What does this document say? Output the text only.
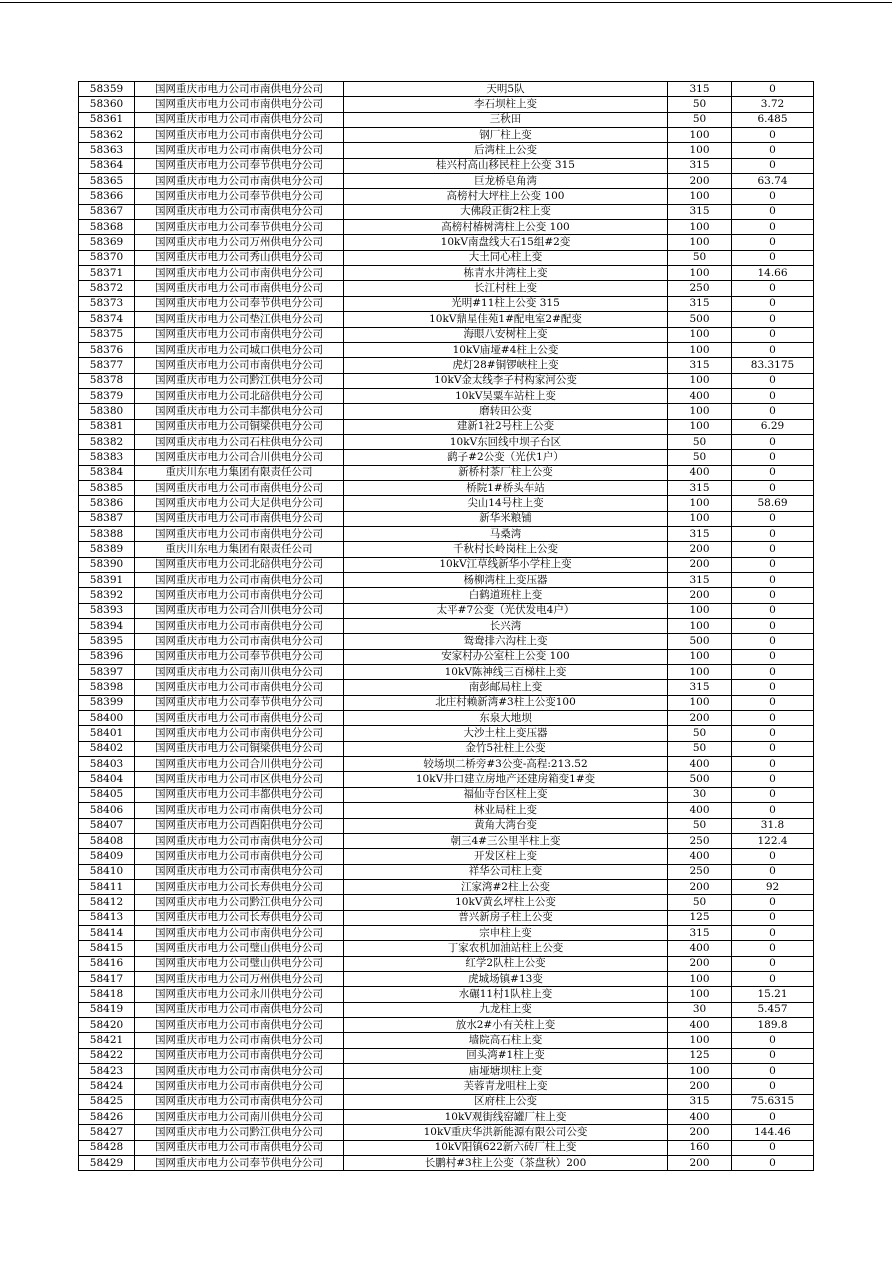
58359	国网重庆市电力公司市南供电分公司	天明5队	315	0
58360	国网重庆市电力公司市南供电分公司	李石坝柱上变	50	3.72
58361	国网重庆市电力公司市南供电分公司	三秋田	50	6.485
58362	国网重庆市电力公司市南供电分公司	钢厂柱上变	100	0
58363	国网重庆市电力公司市南供电分公司	后湾柱上公变	100	0
58364	国网重庆市电力公司奉节供电分公司	桂兴村高山移民柱上公变 315	315	0
58365	国网重庆市电力公司市南供电分公司	巨龙桥皂角湾	200	63.74
58366	国网重庆市电力公司奉节供电分公司	高榜村大坪柱上公变 100	100	0
58367	国网重庆市电力公司市南供电分公司	大佛段正街2柱上变	315	0
58368	国网重庆市电力公司奉节供电分公司	高榜村椿树湾柱上公变 100	100	0
58369	国网重庆市电力公司万州供电分公司	10kV南盘线大石15组#2变	100	0
58370	国网重庆市电力公司秀山供电分公司	大土同心柱上变	50	0
58371	国网重庆市电力公司市南供电分公司	栋青水井湾柱上变	100	14.66
58372	国网重庆市电力公司市南供电分公司	长江村柱上变	250	0
58373	国网重庆市电力公司奉节供电分公司	光明#11柱上公变 315	315	0
58374	国网重庆市电力公司垫江供电分公司	10kV鼎星佳苑1#配电室2#配变	500	0
58375	国网重庆市电力公司市南供电分公司	海眼八安树柱上变	100	0
58376	国网重庆市电力公司城口供电分公司	10kV庙垭#4柱上公变	100	0
58377	国网重庆市电力公司市南供电分公司	虎灯28#铜锣峡柱上变	315	83.3175
58378	国网重庆市电力公司黔江供电分公司	10kV金太线李子村构家河公变	100	0
58379	国网重庆市电力公司北碚供电分公司	10kV吴粟车站柱上变	400	0
58380	国网重庆市电力公司丰都供电分公司	磨转田公变	100	0
58381	国网重庆市电力公司铜梁供电分公司	建新1社2号柱上公变	100	6.29
58382	国网重庆市电力公司石柱供电分公司	10kV东回线中坝子台区	50	0
58383	国网重庆市电力公司合川供电分公司	鹞子#2公变（光伏1户）	50	0
58384	重庆川东电力集团有限责任公司	新桥村茶厂柱上公变	400	0
58385	国网重庆市电力公司市南供电分公司	桥院1#桥头车站	315	0
58386	国网重庆市电力公司大足供电分公司	尖山14号柱上变	100	58.69
58387	国网重庆市电力公司市南供电分公司	新华米粮铺	100	0
58388	国网重庆市电力公司市南供电分公司	马桑湾	315	0
58389	重庆川东电力集团有限责任公司	千秋村长岭岗柱上公变	200	0
58390	国网重庆市电力公司北碚供电分公司	10kV江草线新华小学柱上变	200	0
58391	国网重庆市电力公司市南供电分公司	杨柳湾柱上变压器	315	0
58392	国网重庆市电力公司市南供电分公司	白鹤道班柱上变	200	0
58393	国网重庆市电力公司合川供电分公司	太平#7公变（光伏发电4户）	100	0
58394	国网重庆市电力公司市南供电分公司	长兴湾	100	0
58395	国网重庆市电力公司市南供电分公司	鸳鸯排六沟柱上变	500	0
58396	国网重庆市电力公司奉节供电分公司	安家村办公室柱上公变 100	100	0
58397	国网重庆市电力公司南川供电分公司	10kV陈神线三百梯柱上变	100	0
58398	国网重庆市电力公司市南供电分公司	南彭邮局柱上变	315	0
58399	国网重庆市电力公司奉节供电分公司	北庄村赖新湾#3柱上公变100	100	0
58400	国网重庆市电力公司市南供电分公司	东泉大地坝	200	0
58401	国网重庆市电力公司市南供电分公司	大沙土柱上变压器	50	0
58402	国网重庆市电力公司铜梁供电分公司	金竹5社柱上公变	50	0
58403	国网重庆市电力公司合川供电分公司	较场坝二桥旁#3公变-高程:213.52	400	0
58404	国网重庆市电力公司市区供电分公司	10kV井口建立房地产还建房箱变1#变	500	0
58405	国网重庆市电力公司丰都供电分公司	福仙寺台区柱上变	30	0
58406	国网重庆市电力公司市南供电分公司	林业局柱上变	400	0
58407	国网重庆市电力公司酉阳供电分公司	黄角大湾台变	50	31.8
58408	国网重庆市电力公司市南供电分公司	朝三4#三公里半柱上变	250	122.4
58409	国网重庆市电力公司市南供电分公司	开发区柱上变	400	0
58410	国网重庆市电力公司市南供电分公司	祥华公司柱上变	250	0
58411	国网重庆市电力公司长寿供电分公司	江家湾#2柱上公变	200	92
58412	国网重庆市电力公司黔江供电分公司	10kV黄幺坪柱上公变	50	0
58413	国网重庆市电力公司长寿供电分公司	普兴新房子柱上公变	125	0
58414	国网重庆市电力公司市南供电分公司	宗申柱上变	315	0
58415	国网重庆市电力公司璧山供电分公司	丁家农机加油站柱上公变	400	0
58416	国网重庆市电力公司璧山供电分公司	红学2队柱上公变	200	0
58417	国网重庆市电力公司万州供电分公司	虎城场镇#13变	100	0
58418	国网重庆市电力公司永川供电分公司	水碾11村1队柱上变	100	15.21
58419	国网重庆市电力公司市南供电分公司	九龙柱上变	30	5.457
58420	国网重庆市电力公司市南供电分公司	放水2#小有关柱上变	400	189.8
58421	国网重庆市电力公司市南供电分公司	墙院高石柱上变	100	0
58422	国网重庆市电力公司市南供电分公司	回头湾#1柱上变	125	0
58423	国网重庆市电力公司市南供电分公司	庙垭塘坝柱上变	100	0
58424	国网重庆市电力公司市南供电分公司	芙蓉青龙咀柱上变	200	0
58425	国网重庆市电力公司市南供电分公司	区府柱上公变	315	75.6315
58426	国网重庆市电力公司南川供电分公司	10kV观街线窑罐厂柱上变	400	0
58427	国网重庆市电力公司黔江供电分公司	10kV重庆华洪新能源有限公司公变	200	144.46
58428	国网重庆市电力公司市南供电分公司	10kV阳镇622新六砖厂柱上变	160	0
58429	国网重庆市电力公司奉节供电分公司	长鹏村#3柱上公变（茶盘秋）200	200	0
